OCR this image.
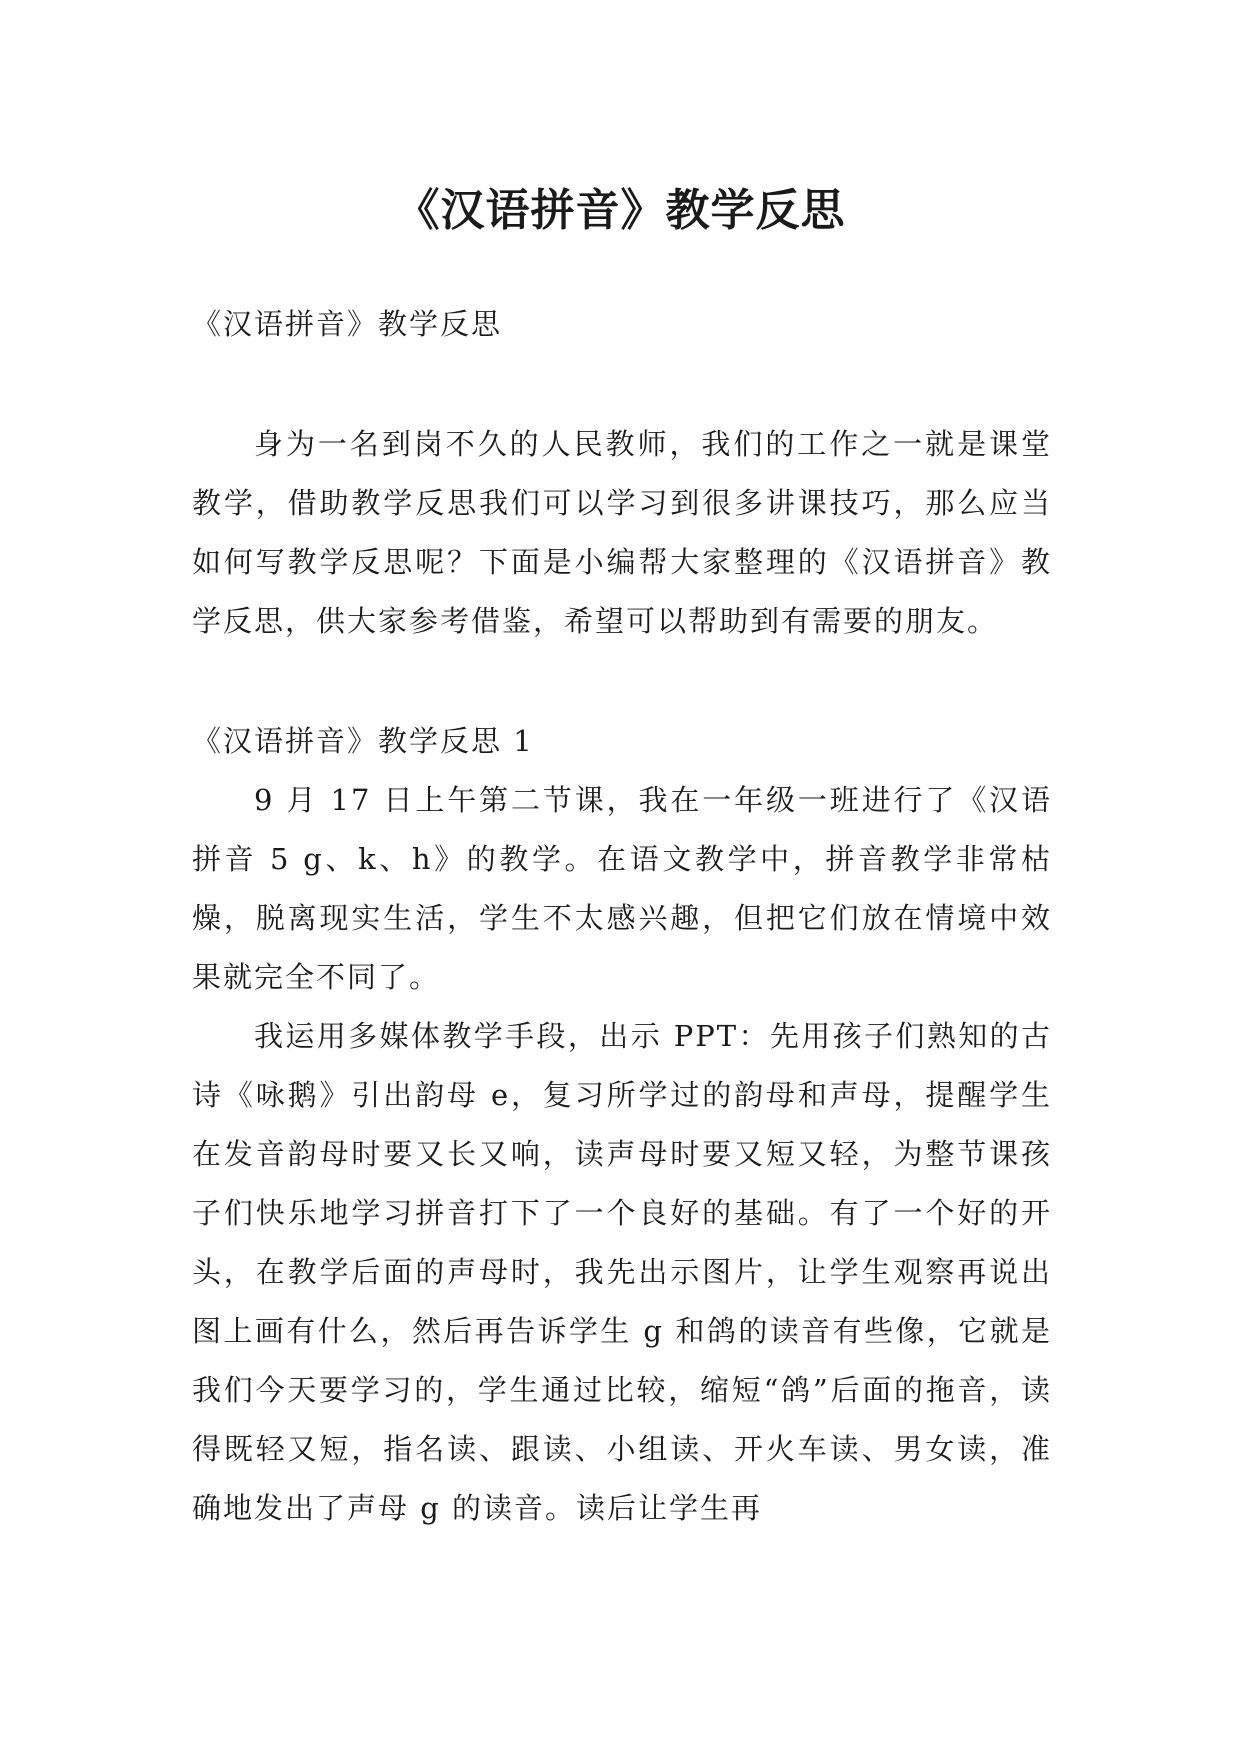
《汉语拼音》教学反思

《汉语拼音》教学反思

身为一名到岗不久的人民教师，我们的工作之一就是课堂教学，借助教学反思我们可以学习到很多讲课技巧，那么应当如何写教学反思呢？下面是小编帮大家整理的《汉语拼音》教学反思，供大家参考借鉴，希望可以帮助到有需要的朋友。

《汉语拼音》教学反思 1

9 月 17 日上午第二节课，我在一年级一班进行了《汉语拼音 5 g、k、h》的教学。在语文教学中，拼音教学非常枯燥，脱离现实生活，学生不太感兴趣，但把它们放在情境中效果就完全不同了。

我运用多媒体教学手段，出示 PPT：先用孩子们熟知的古诗《咏鹅》引出韵母 e，复习所学过的韵母和声母，提醒学生在发音韵母时要又长又响，读声母时要又短又轻，为整节课孩子们快乐地学习拼音打下了一个良好的基础。有了一个好的开头，在教学后面的声母时，我先出示图片，让学生观察再说出图上画有什么，然后再告诉学生 g 和鸽的读音有些像，它就是我们今天要学习的，学生通过比较，缩短“鸽”后面的拖音，读得既轻又短，指名读、跟读、小组读、开火车读、男女读，准确地发出了声母 g 的读音。读后让学生再
